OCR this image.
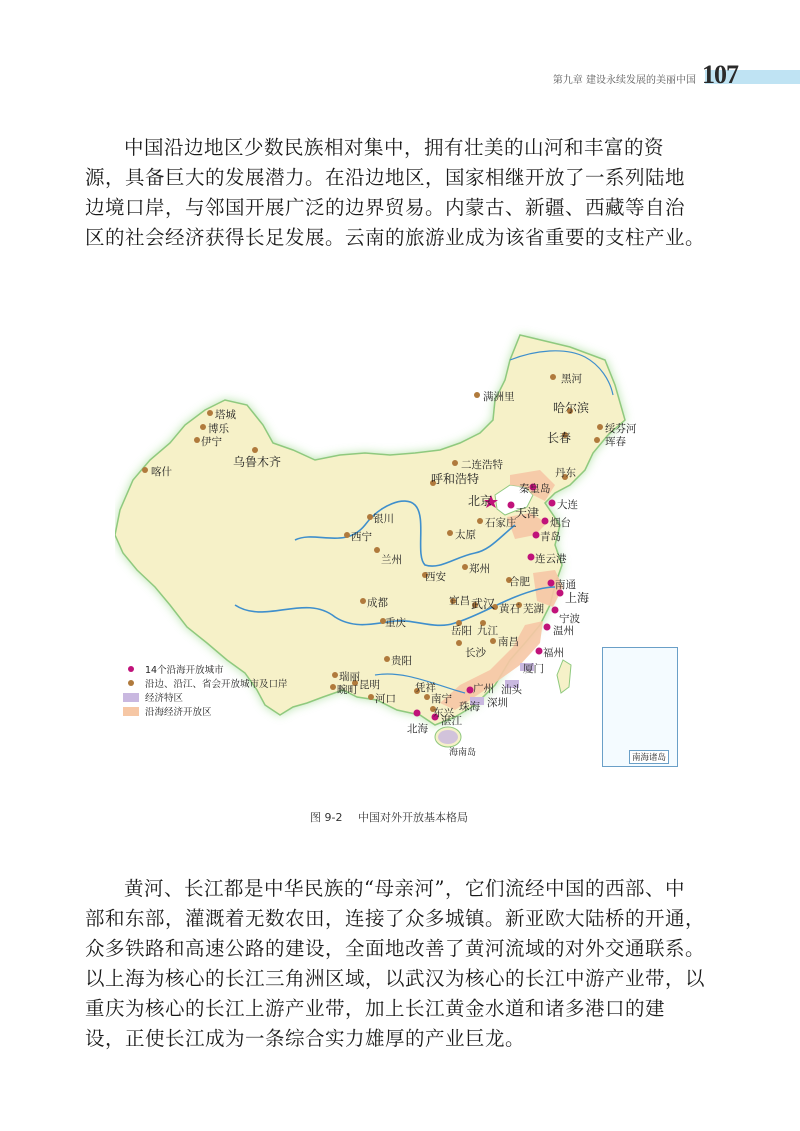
第九章 建设永续发展的美丽中国 107
中国沿边地区少数民族相对集中，拥有壮美的山河和丰富的资
源，具备巨大的发展潜力。在沿边地区，国家相继开放了一系列陆地
边境口岸，与邻国开展广泛的边界贸易。内蒙古、新疆、西藏等自治
区的社会经济获得长足发展。云南的旅游业成为该省重要的支柱产业。
黑河
满洲里
哈尔滨
绥芬河
珲春
长春
塔城
博乐
伊宁
乌鲁木齐
喀什
二连浩特
呼和浩特	丹东
北京
秦皇岛
大连
天津
石家庄	烟台
银川
太原	青岛
西宁
兰州	连云港
西安
郑州
合肥 南通
上海
成都	宜昌 武汉 黄石 芜湖
重庆
岳阳 九江
宁波
温州
南昌
长沙	福州
贵阳
厦门
瑞丽
畹町 昆明
河口
凭祥	广州 汕头
南宁	深圳
东兴 珠海
北海
湛江
海南岛
14个沿海开放城市
沿边、沿江、省会开放城市及口岸
经济特区
沿海经济开放区
南海诸岛
图 9-2 中国对外开放基本格局
黄河、长江都是中华民族的“母亲河”，它们流经中国的西部、中
部和东部，灌溉着无数农田，连接了众多城镇。新亚欧大陆桥的开通，
众多铁路和高速公路的建设，全面地改善了黄河流域的对外交通联系。
以上海为核心的长江三角洲区域，以武汉为核心的长江中游产业带，以
重庆为核心的长江上游产业带，加上长江黄金水道和诸多港口的建
设，正使长江成为一条综合实力雄厚的产业巨龙。
